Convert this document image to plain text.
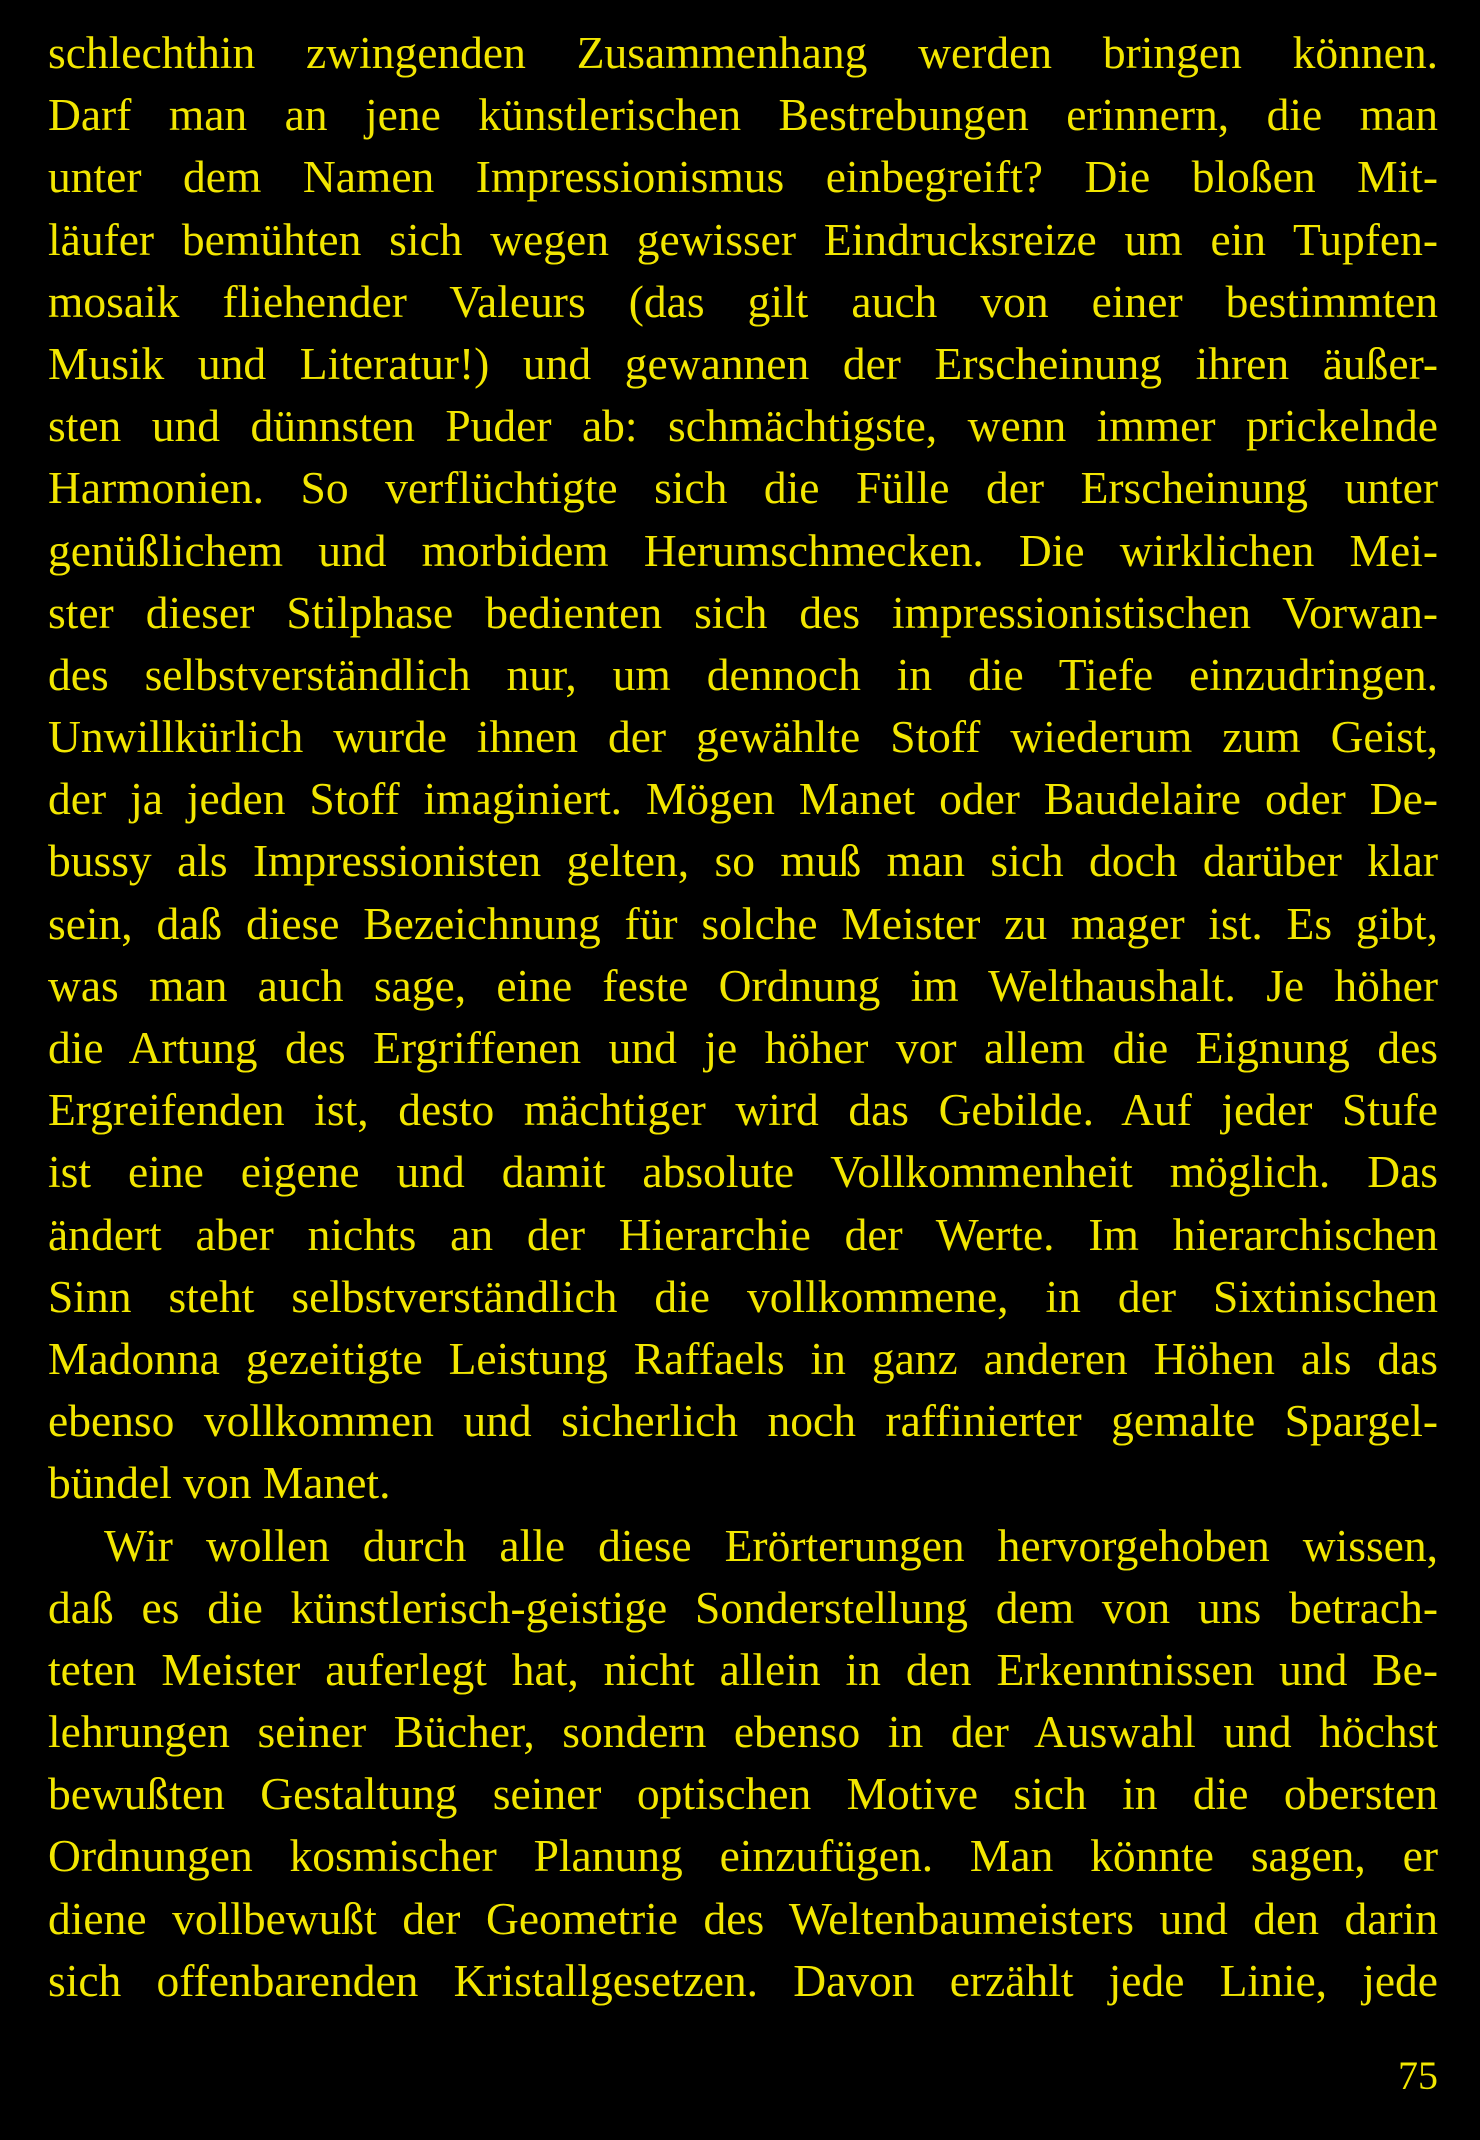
schlechthin zwingenden Zusammenhang werden bringen können.
Darf man an jene künstlerischen Bestrebungen erinnern, die man
unter dem Namen Impressionismus einbegreift? Die bloßen Mit-
läufer bemühten sich wegen gewisser Eindrucksreize um ein Tupfen-
mosaik fliehender Valeurs (das gilt auch von einer bestimmten
Musik und Literatur!) und gewannen der Erscheinung ihren äußer-
sten und dünnsten Puder ab: schmächtigste, wenn immer prickelnde
Harmonien. So verflüchtigte sich die Fülle der Erscheinung unter
genüßlichem und morbidem Herumschmecken. Die wirklichen Mei-
ster dieser Stilphase bedienten sich des impressionistischen Vorwan-
des selbstverständlich nur, um dennoch in die Tiefe einzudringen.
Unwillkürlich wurde ihnen der gewählte Stoff wiederum zum Geist,
der ja jeden Stoff imaginiert. Mögen Manet oder Baudelaire oder De-
bussy als Impressionisten gelten, so muß man sich doch darüber klar
sein, daß diese Bezeichnung für solche Meister zu mager ist. Es gibt,
was man auch sage, eine feste Ordnung im Welthaushalt. Je höher
die Artung des Ergriffenen und je höher vor allem die Eignung des
Ergreifenden ist, desto mächtiger wird das Gebilde. Auf jeder Stufe
ist eine eigene und damit absolute Vollkommenheit möglich. Das
ändert aber nichts an der Hierarchie der Werte. Im hierarchischen
Sinn steht selbstverständlich die vollkommene, in der Sixtinischen
Madonna gezeitigte Leistung Raffaels in ganz anderen Höhen als das
ebenso vollkommen und sicherlich noch raffinierter gemalte Spargel-
bündel von Manet.
Wir wollen durch alle diese Erörterungen hervorgehoben wissen,
daß es die künstlerisch-geistige Sonderstellung dem von uns betrach-
teten Meister auferlegt hat, nicht allein in den Erkenntnissen und Be-
lehrungen seiner Bücher, sondern ebenso in der Auswahl und höchst
bewußten Gestaltung seiner optischen Motive sich in die obersten
Ordnungen kosmischer Planung einzufügen. Man könnte sagen, er
diene vollbewußt der Geometrie des Weltenbaumeisters und den darin
sich offenbarenden Kristallgesetzen. Davon erzählt jede Linie, jede
75
